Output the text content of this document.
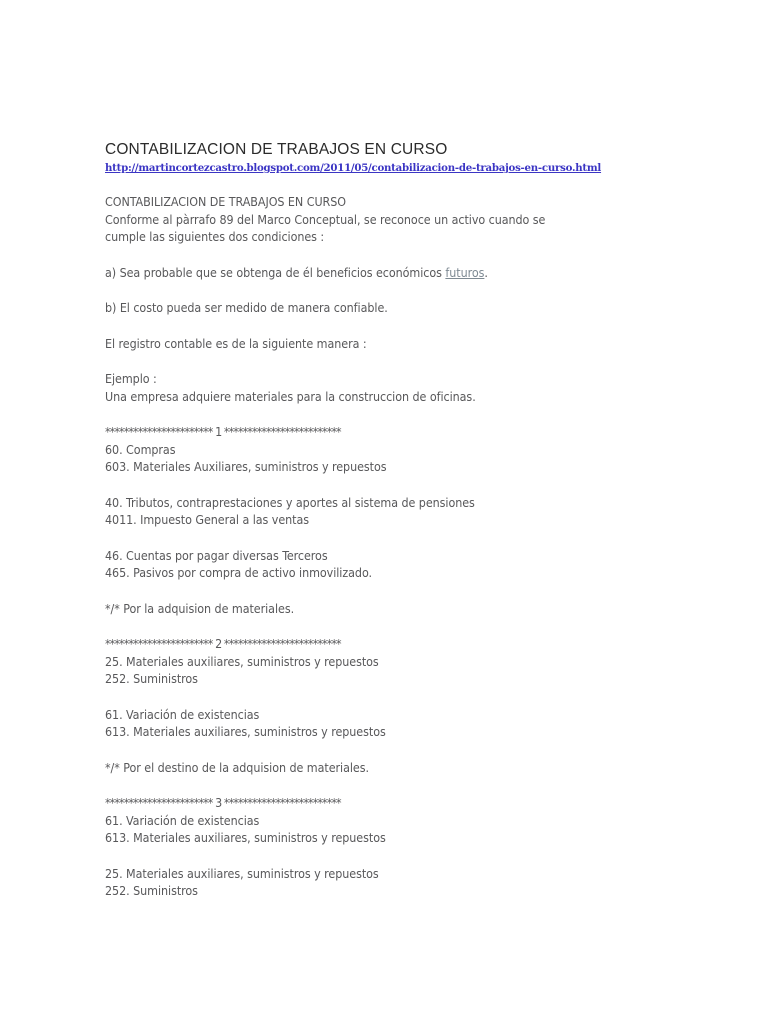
CONTABILIZACION DE TRABAJOS EN CURSO
http://martincortezcastro.blogspot.com/2011/05/contabilizacion-de-trabajos-en-curso.html

CONTABILIZACION DE TRABAJOS EN CURSO

Conforme al pàrrafo 89 del Marco Conceptual, se reconoce un activo cuando se

cumple las siguientes dos condiciones :

a) Sea probable que se obtenga de él beneficios económicos futuros.

b) El costo pueda ser medido de manera confiable.

El registro contable es de la siguiente manera :

Ejemplo :

Una empresa adquiere materiales para la construccion de oficinas.

*********************** 1 *************************

60. Compras

603. Materiales Auxiliares, suministros y repuestos

40. Tributos, contraprestaciones y aportes al sistema de pensiones

4011. Impuesto General a las ventas

46. Cuentas por pagar diversas Terceros

465. Pasivos por compra de activo inmovilizado.

*/* Por la adquision de materiales.

*********************** 2 *************************

25. Materiales auxiliares, suministros y repuestos

252. Suministros

61. Variación de existencias

613. Materiales auxiliares, suministros y repuestos

*/* Por el destino de la adquision de materiales.

*********************** 3 *************************

61. Variación de existencias

613. Materiales auxiliares, suministros y repuestos

25. Materiales auxiliares, suministros y repuestos

252. Suministros
